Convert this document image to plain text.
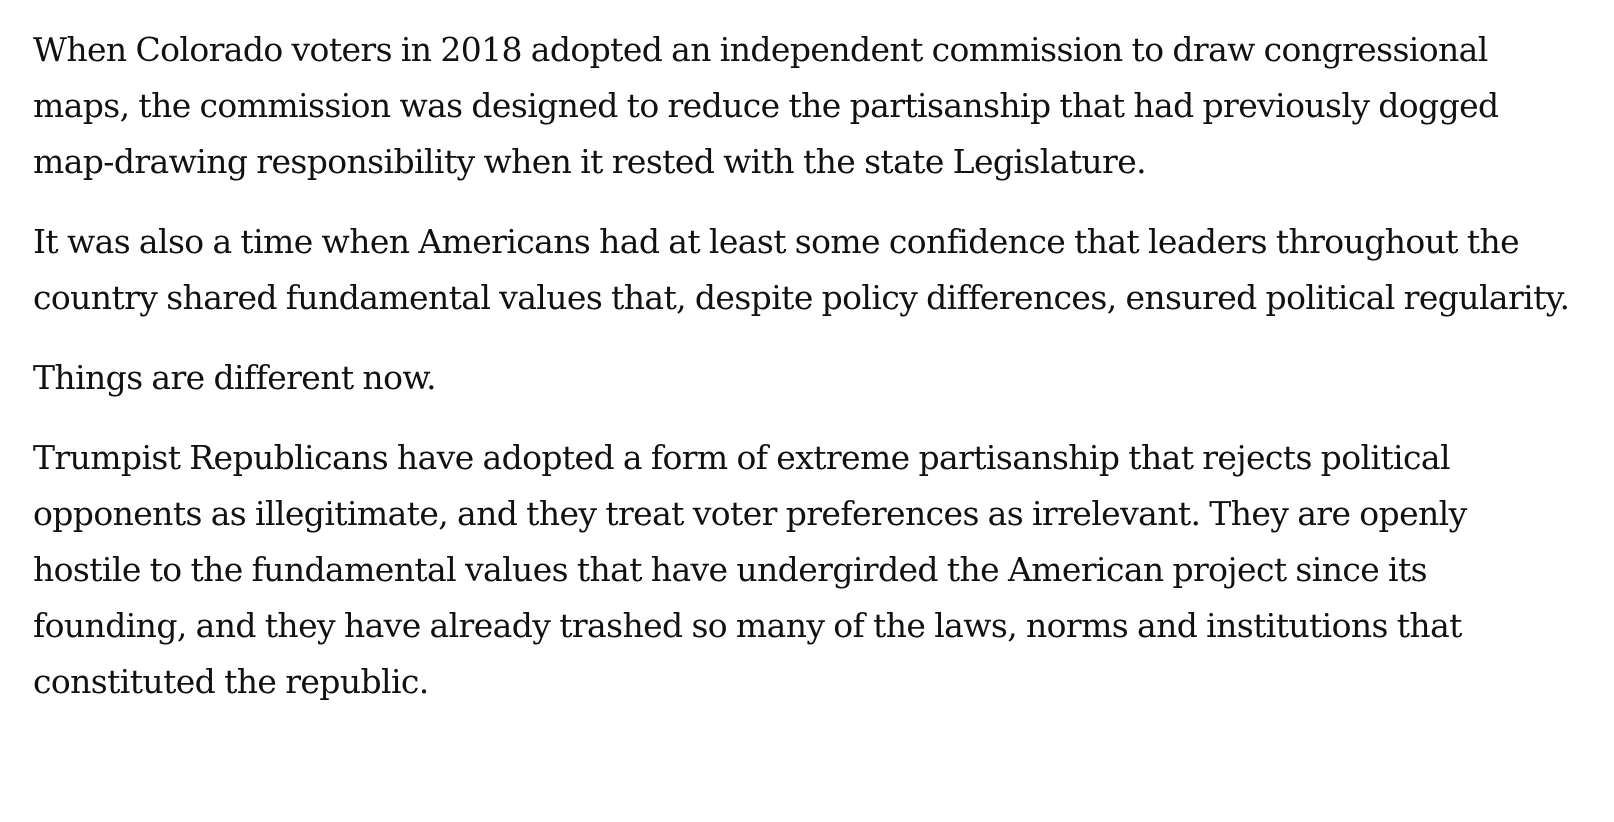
When Colorado voters in 2018 adopted an independent commission to draw congressional maps, the commission was designed to reduce the partisanship that had previously dogged map-drawing responsibility when it rested with the state Legislature.

It was also a time when Americans had at least some confidence that leaders throughout the country shared fundamental values that, despite policy differences, ensured political regularity.

Things are different now.

Trumpist Republicans have adopted a form of extreme partisanship that rejects political opponents as illegitimate, and they treat voter preferences as irrelevant. They are openly hostile to the fundamental values that have undergirded the American project since its founding, and they have already trashed so many of the laws, norms and institutions that constituted the republic.
